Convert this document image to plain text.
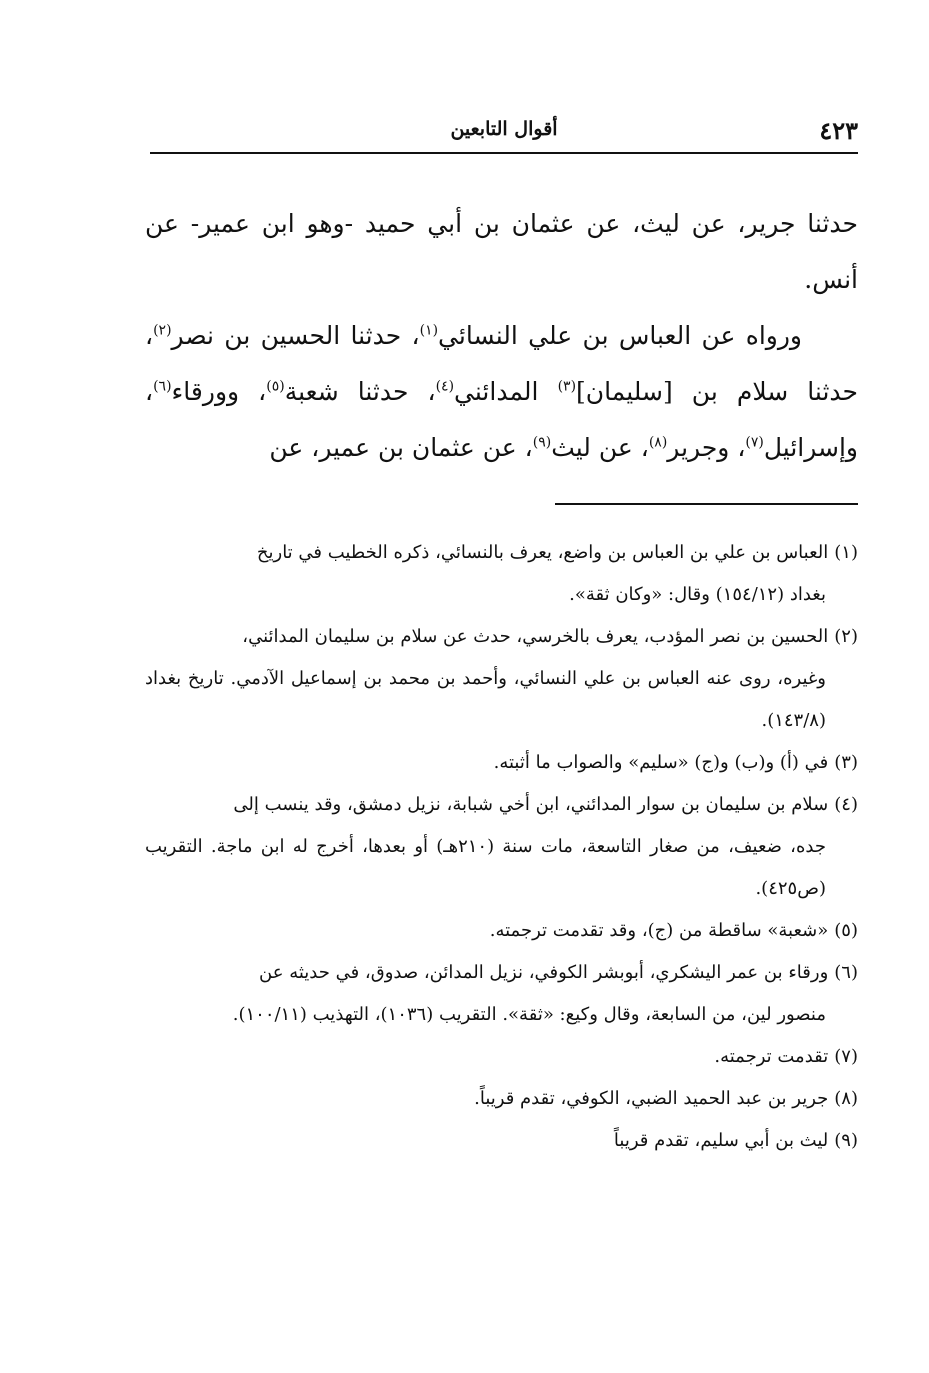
٤٢٣
أقوال التابعين

حدثنا جرير، عن ليث، عن عثمان بن أبي حميد -وهو ابن عمير- عن أنس.

ورواه عن العباس بن علي النسائي$^{(١)}$، حدثنا الحسين بن نصر$^{(٢)}$، حدثنا سلام بن [سليمان]$^{(٣)}$ المدائني$^{(٤)}$، حدثنا شعبة$^{(٥)}$، وورقاء$^{(٦)}$، وإسرائيل$^{(٧)}$، وجرير$^{(٨)}$، عن ليث$^{(٩)}$، عن عثمان بن عمير، عن

(١)العباس بن علي بن العباس بن واضع، يعرف بالنسائي، ذكره الخطيب في تاريخ
بغداد (١٥٤/١٢) وقال: «وكان ثقة».

(٢)الحسين بن نصر المؤدب، يعرف بالخرسي، حدث عن سلام بن سليمان المدائني،
وغيره، روى عنه العباس بن علي النسائي، وأحمد بن محمد بن إسماعيل الآدمي. تاريخ بغداد (١٤٣/٨).

(٣)في (أ) و(ب) و(ج) «سليم» والصواب ما أثبته.

(٤)سلام بن سليمان بن سوار المدائني، ابن أخي شبابة، نزيل دمشق، وقد ينسب إلى
جده، ضعيف، من صغار التاسعة، مات سنة (٢١٠هـ) أو بعدها، أخرج له ابن ماجة. التقريب (ص٤٢٥).

(٥)«شعبة» ساقطة من (ج)، وقد تقدمت ترجمته.

(٦)ورقاء بن عمر اليشكري، أبوبشر الكوفي، نزيل المدائن، صدوق، في حديثه عن
منصور لين، من السابعة، وقال وكيع: «ثقة». التقريب (١٠٣٦)، التهذيب (١٠٠/١١).

(٧)تقدمت ترجمته.

(٨)جرير بن عبد الحميد الضبي، الكوفي، تقدم قريباً.

(٩)ليث بن أبي سليم، تقدم قريباً
